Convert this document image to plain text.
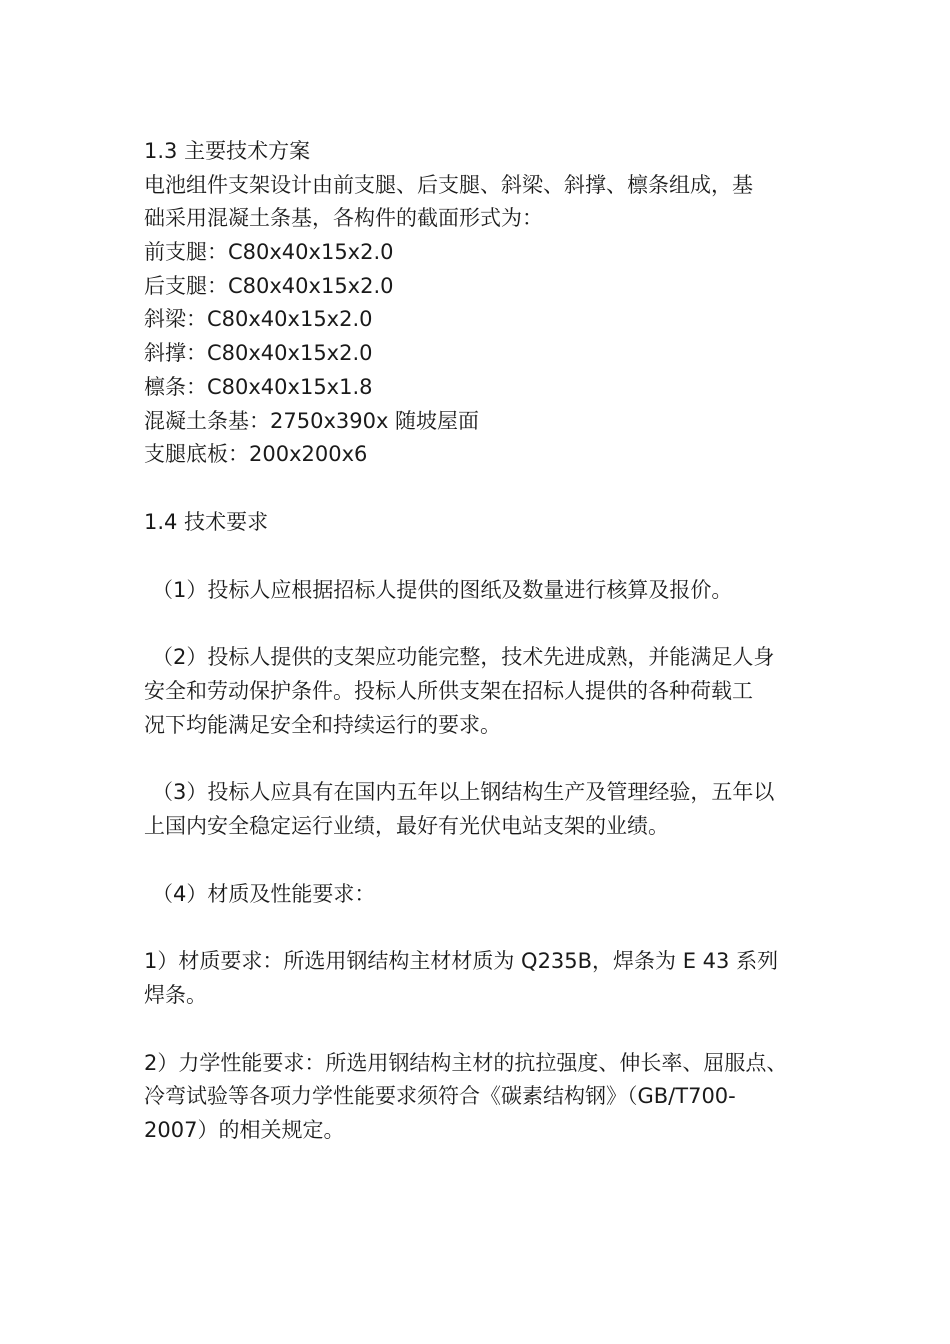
1.3 主要技术方案
电池组件支架设计由前支腿、后支腿、斜梁、斜撑、檩条组成，基
础采用混凝土条基，各构件的截面形式为：
前支腿：C80x40x15x2.0
后支腿：C80x40x15x2.0
斜梁：C80x40x15x2.0
斜撑：C80x40x15x2.0
檩条：C80x40x15x1.8
混凝土条基：2750x390x 随坡屋面
支腿底板：200x200x6
1.4 技术要求
（1）投标人应根据招标人提供的图纸及数量进行核算及报价。
（2）投标人提供的支架应功能完整，技术先进成熟，并能满足人身
安全和劳动保护条件。投标人所供支架在招标人提供的各种荷载工
况下均能满足安全和持续运行的要求。
（3）投标人应具有在国内五年以上钢结构生产及管理经验，五年以
上国内安全稳定运行业绩，最好有光伏电站支架的业绩。
（4）材质及性能要求：
1）材质要求：所选用钢结构主材材质为 Q235B，焊条为 E 43 系列
焊条。
2）力学性能要求：所选用钢结构主材的抗拉强度、伸长率、屈服点、
冷弯试验等各项力学性能要求须符合《碳素结构钢》（GB/T700-
2007）的相关规定。
